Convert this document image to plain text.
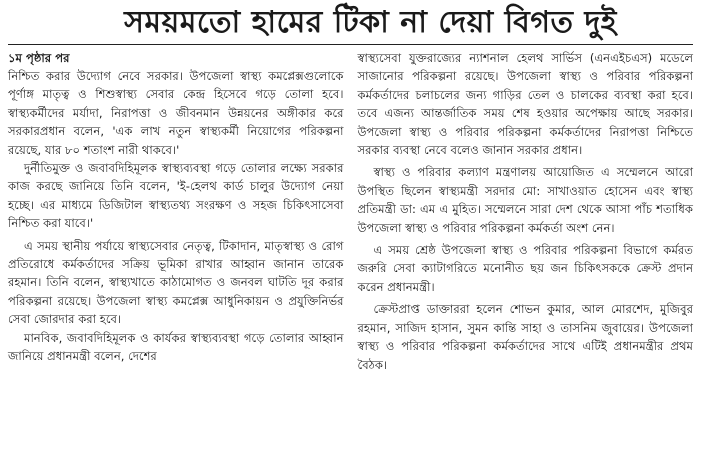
সময়মতো হামের টিকা না দেয়া বিগত দুই
১ম পৃষ্ঠার পর

নিশ্চিত করার উদ্যোগ নেবে সরকার। উপজেলা স্বাস্থ্য কমপ্লেক্সগুলোকে পূর্ণাঙ্গ মাতৃত্ব ও শিশুস্বাস্থ্য সেবার কেন্দ্র হিসেবে গড়ে তোলা হবে। স্বাস্থ্যকর্মীদের মর্যাদা, নিরাপত্তা ও জীবনমান উন্নয়নের অঙ্গীকার করে সরকারপ্রধান বলেন, 'এক লাখ নতুন স্বাস্থ্যকর্মী নিয়োগের পরিকল্পনা রয়েছে, যার ৮০ শতাংশ নারী থাকবে।'

দুর্নীতিমুক্ত ও জবাবদিহিমূলক স্বাস্থ্যব্যবস্থা গড়ে তোলার লক্ষ্যে সরকার কাজ করছে জানিয়ে তিনি বলেন, 'ই-হেলথ কার্ড চালুর উদ্যোগ নেয়া হচ্ছে। এর মাধ্যমে ডিজিটাল স্বাস্থ্যতথ্য সংরক্ষণ ও সহজ চিকিৎসাসেবা নিশ্চিত করা যাবে।'

এ সময় স্থানীয় পর্যায়ে স্বাস্থ্যসেবার নেতৃত্ব, টিকাদান, মাতৃস্বাস্থ্য ও রোগ প্রতিরোধে কর্মকর্তাদের সক্রিয় ভূমিকা রাখার আহ্বান জানান তারেক রহমান। তিনি বলেন, স্বাস্থ্যখাতে কাঠামোগত ও জনবল ঘাটতি দূর করার পরিকল্পনা রয়েছে। উপজেলা স্বাস্থ্য কমপ্লেক্স আধুনিকায়ন ও প্রযুক্তিনির্ভর সেবা জোরদার করা হবে।

মানবিক, জবাবদিহিমূলক ও কার্যকর স্বাস্থ্যব্যবস্থা গড়ে তোলার আহ্বান জানিয়ে প্রধানমন্ত্রী বলেন, দেশের

স্বাস্থ্যসেবা যুক্তরাজ্যের ন্যাশনাল হেলথ সার্ভিস (এনএইচএস) মডেলে সাজানোর পরিকল্পনা রয়েছে। উপজেলা স্বাস্থ্য ও পরিবার পরিকল্পনা কর্মকর্তাদের চলাচলের জন্য গাড়ির তেল ও চালকের ব্যবস্থা করা হবে। তবে এজন্য আন্তর্জাতিক সময় শেষ হওয়ার অপেক্ষায় আছে সরকার। উপজেলা স্বাস্থ্য ও পরিবার পরিকল্পনা কর্মকর্তাদের নিরাপত্তা নিশ্চিতে সরকার ব্যবস্থা নেবে বলেও জানান সরকার প্রধান।

স্বাস্থ্য ও পরিবার কল্যাণ মন্ত্রণালয় আয়োজিত এ সম্মেলনে আরো উপস্থিত ছিলেন স্বাস্থ্যমন্ত্রী সরদার মো: সাখাওয়াত হোসেন এবং স্বাস্থ্য প্রতিমন্ত্রী ডা: এম এ মুহিত। সম্মেলনে সারা দেশ থেকে আসা পাঁচ শতাধিক উপজেলা স্বাস্থ্য ও পরিবার পরিকল্পনা কর্মকর্তা অংশ নেন।

এ সময় শ্রেষ্ঠ উপজেলা স্বাস্থ্য ও পরিবার পরিকল্পনা বিভাগে কর্মরত জরুরি সেবা ক্যাটাগরিতে মনোনীত ছয় জন চিকিৎসককে ক্রেস্ট প্রদান করেন প্রধানমন্ত্রী।

ক্রেস্টপ্রাপ্ত ডাক্তাররা হলেন শোভন কুমার, আল মোরশেদ, মুজিবুর রহমান, সাজিদ হাসান, সুমন কান্তি সাহা ও তাসনিম জুবায়ের। উপজেলা স্বাস্থ্য ও পরিবার পরিকল্পনা কর্মকর্তাদের সাথে এটিই প্রধানমন্ত্রীর প্রথম বৈঠক।
